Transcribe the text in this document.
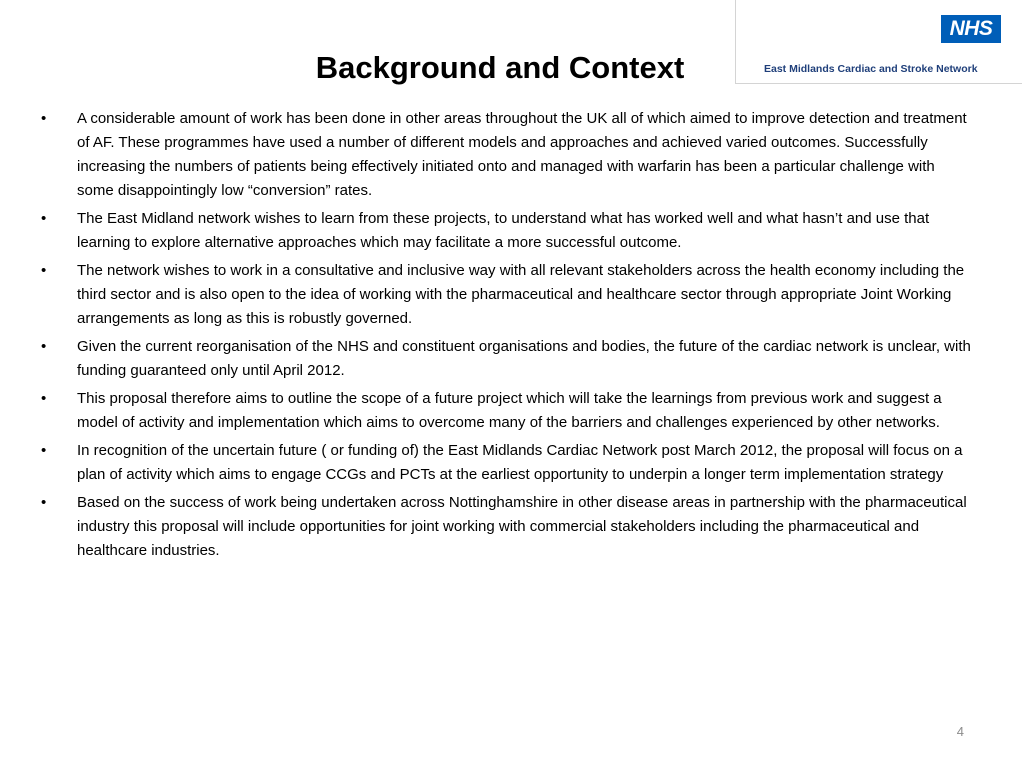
NHS
East Midlands Cardiac and Stroke Network
Background and Context
• A considerable amount of work has been done in other areas throughout the UK all of which aimed to improve detection and treatment of AF. These programmes have used a number of different models and approaches and achieved varied outcomes. Successfully increasing the numbers of patients being effectively initiated onto and managed with warfarin has been a particular challenge with some disappointingly low “conversion” rates.
• The East Midland network wishes to learn from these projects, to understand what has worked well and what hasn’t and use that learning to explore alternative approaches which may facilitate a more successful outcome.
• The network wishes to work in a consultative and inclusive way with all relevant stakeholders across the health economy including the third sector and is also open to the idea of working with the pharmaceutical and healthcare sector through appropriate Joint Working arrangements as long as this is robustly governed.
• Given the current reorganisation of the NHS and constituent organisations and bodies, the future of the cardiac network is unclear, with funding guaranteed only until April 2012.
• This proposal therefore aims to outline the scope of a future project which will take the learnings from previous work and suggest a model of activity and implementation which aims to overcome many of the barriers and challenges experienced by other networks.
• In recognition of the uncertain future ( or funding of) the East Midlands Cardiac Network post March 2012, the proposal will focus on a plan of activity which aims to engage CCGs and PCTs at the earliest opportunity to underpin a longer term implementation strategy
• Based on the success of work being undertaken across Nottinghamshire in other disease areas in partnership with the pharmaceutical industry this proposal will include opportunities for joint working with commercial stakeholders including the pharmaceutical and healthcare industries.
4
